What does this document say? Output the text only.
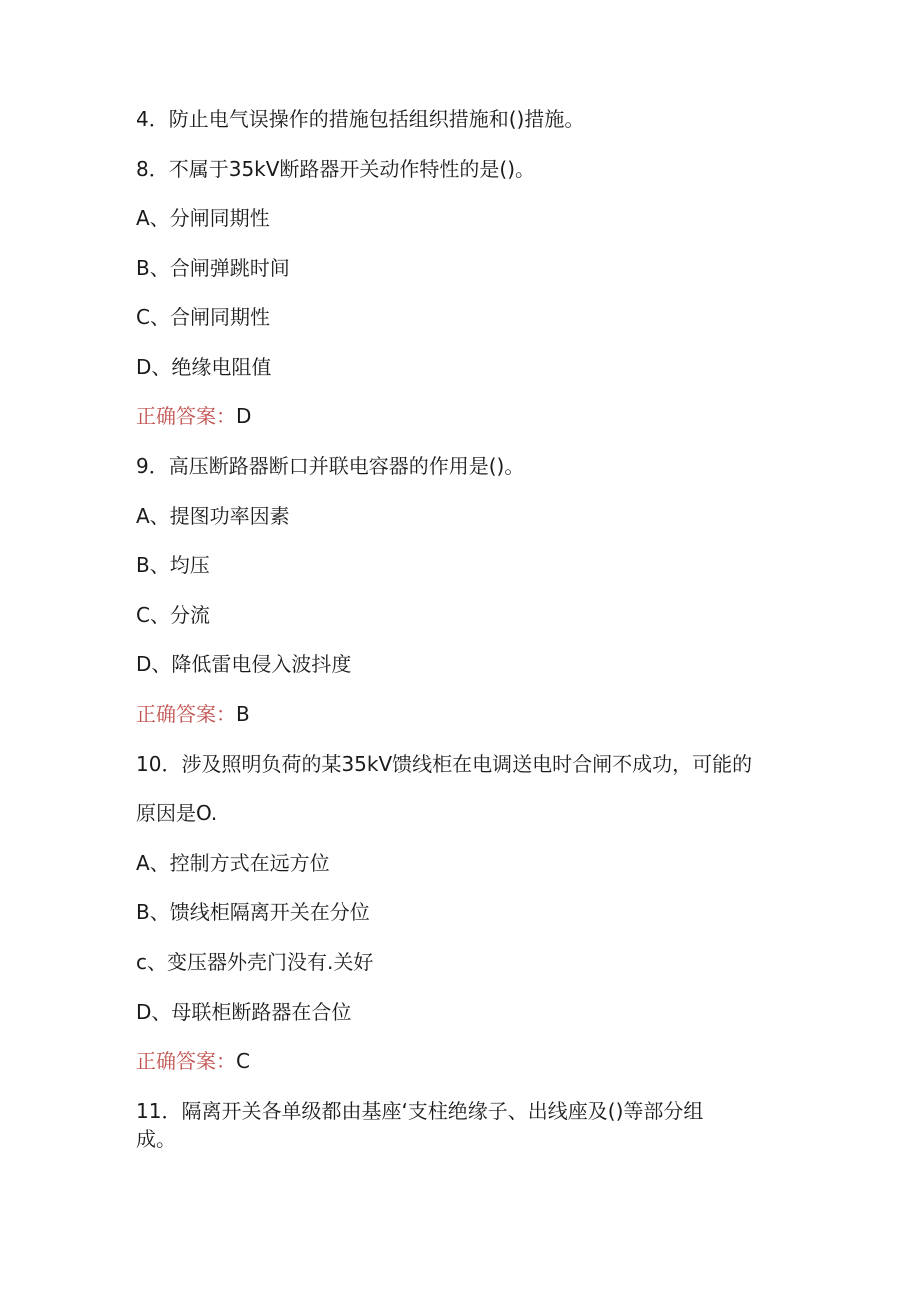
4．防止电气误操作的措施包括组织措施和()措施。
8．不属于35kV断路器开关动作特性的是()。
A、分闸同期性
B、合闸弹跳时间
C、合闸同期性
D、绝缘电阻值
正确答案：D
9．高压断路器断口并联电容器的作用是()。
A、提图功率因素
B、均压
C、分流
D、降低雷电侵入波抖度
正确答案：B
10．涉及照明负荷的某35kV馈线柜在电调送电时合闸不成功，可能的
原因是O.
A、控制方式在远方位
B、馈线柜隔离开关在分位
c、变压器外壳门没有.关好
D、母联柜断路器在合位
正确答案：C
11．隔离开关各单级都由基座‘支柱绝缘子、出线座及()等部分组
成。
